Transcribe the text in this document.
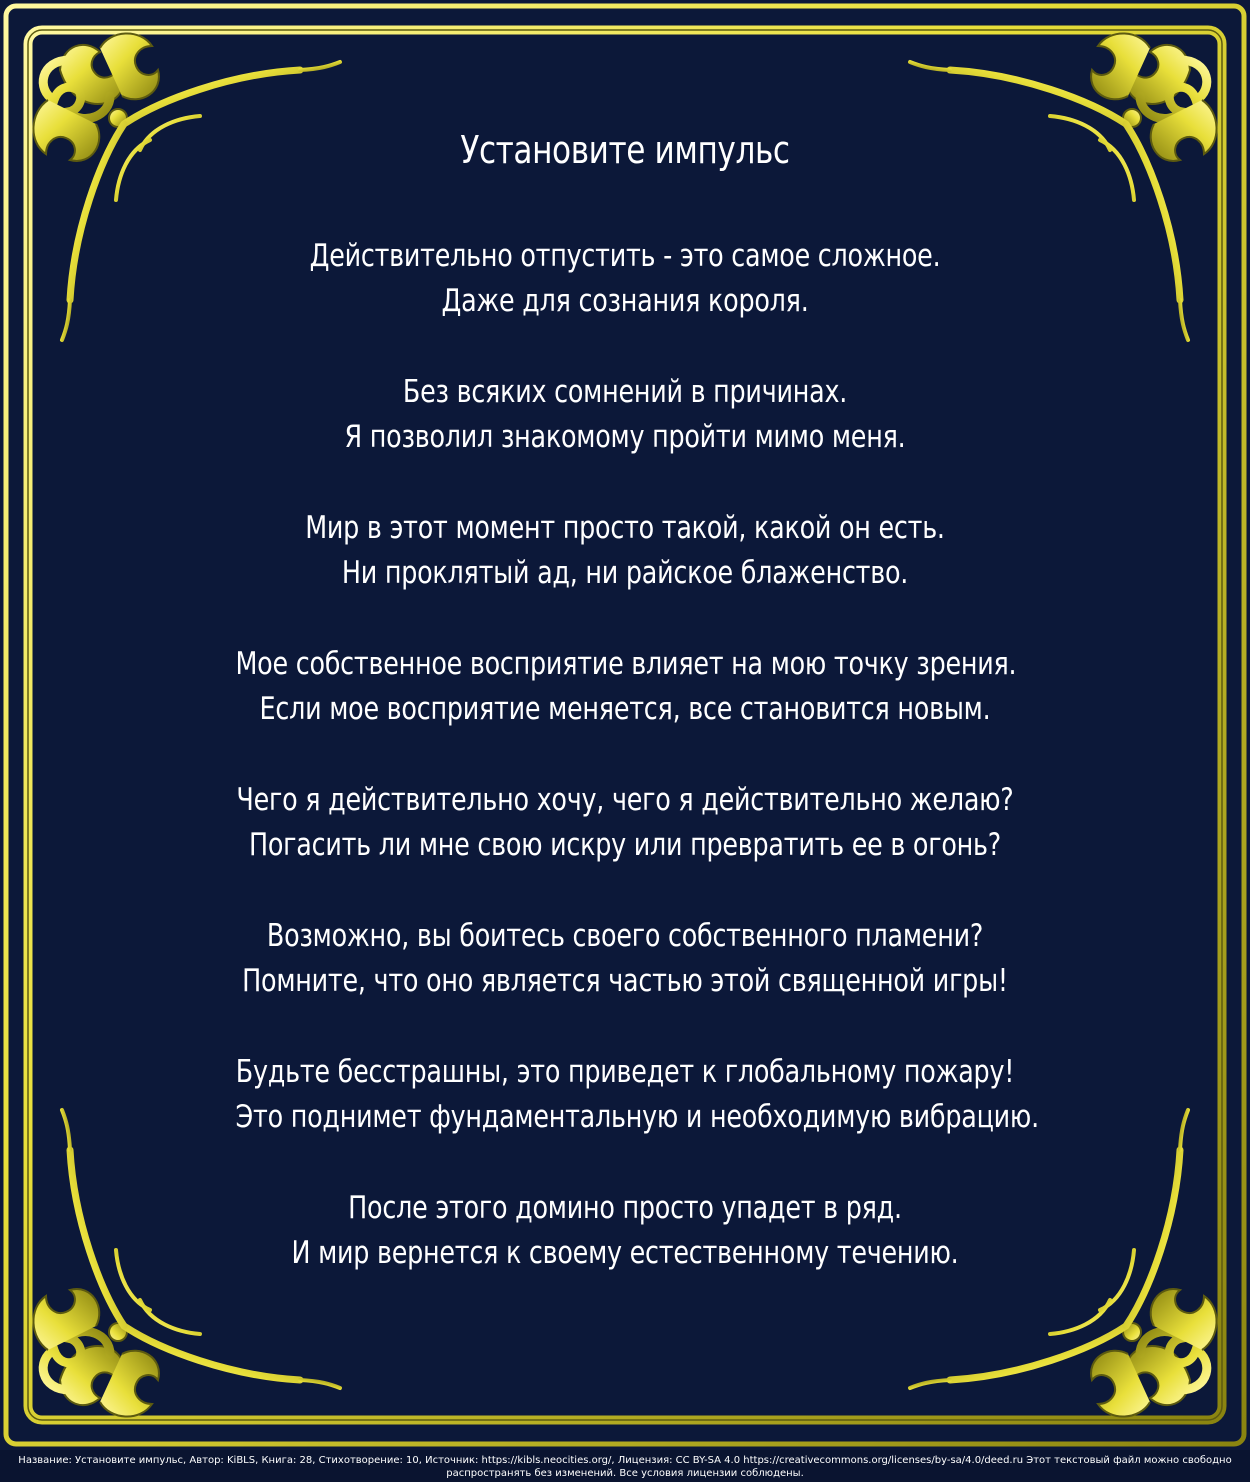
Установите импульс
Действительно отпустить - это самое сложное.
Даже для сознания короля.
Без всяких сомнений в причинах.
Я позволил знакомому пройти мимо меня.
Мир в этот момент просто такой, какой он есть.
Ни проклятый ад, ни райское блаженство.
Мое собственное восприятие влияет на мою точку зрения.
Если мое восприятие меняется, все становится новым.
Чего я действительно хочу, чего я действительно желаю?
Погасить ли мне свою искру или превратить ее в огонь?
Возможно, вы боитесь своего собственного пламени?
Помните, что оно является частью этой священной игры!
Будьте бесстрашны, это приведет к глобальному пожару!
Это поднимет фундаментальную и необходимую вибрацию.
После этого домино просто упадет в ряд.
И мир вернется к своему естественному течению.
Название: Установите импульс, Автор: KiBLS, Книга: 28, Стихотворение: 10, Источник: https://kibls.neocities.org/, Лицензия: CC BY-SA 4.0 https://creativecommons.org/licenses/by-sa/4.0/deed.ru Этот текстовый файл можно свободно
распространять без изменений. Все условия лицензии соблюдены.
